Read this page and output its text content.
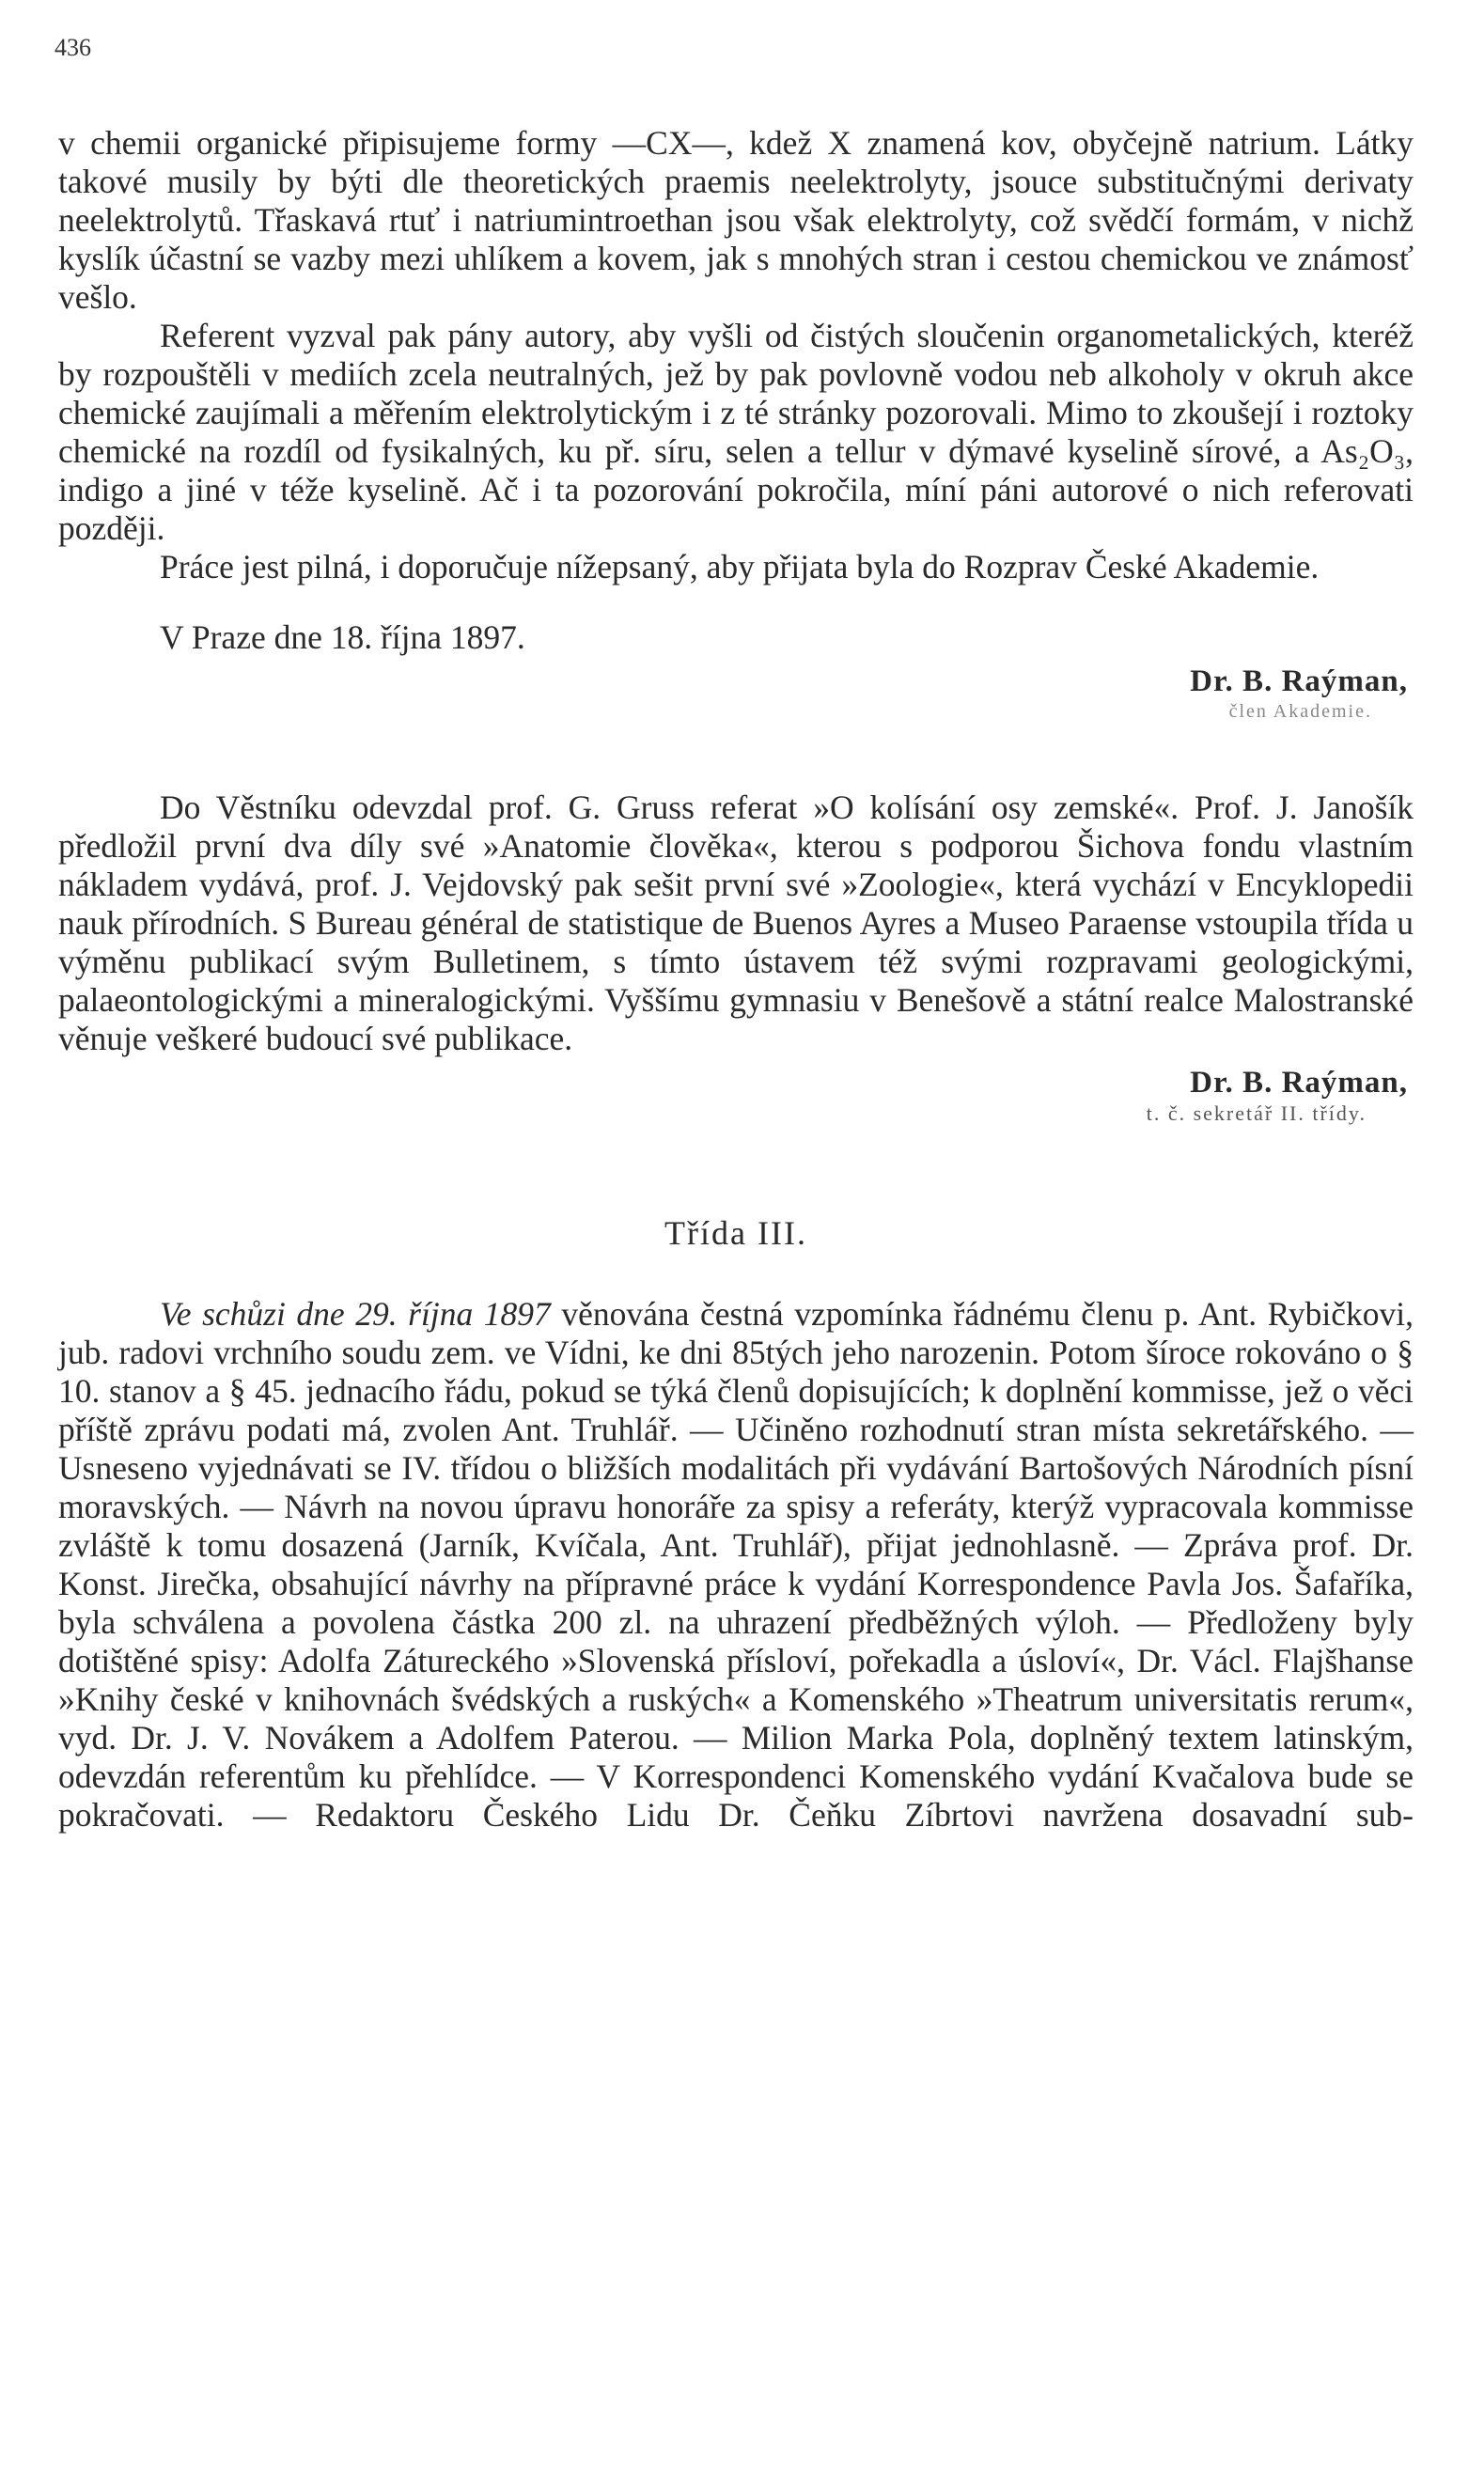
436

v chemii organické připisujeme formy —CX—, kdež X znamená kov, obyčejně natrium. Látky takové musily by býti dle theoretických praemis neelektrolyty, jsouce substitučnými derivaty neelektrolytů. Třaskavá rtuť i natriumintroethan jsou však elektrolyty, což svědčí formám, v nichž kyslík účastní se vazby mezi uhlíkem a kovem, jak s mnohých stran i cestou chemickou ve známosť vešlo.

Referent vyzval pak pány autory, aby vyšli od čistých sloučenin organometalických, kteréž by rozpouštěli v mediích zcela neutralných, jež by pak povlovně vodou neb alkoholy v okruh akce chemické zaujímali a měřením elektrolytickým i z té stránky pozorovali. Mimo to zkoušejí i roztoky chemické na rozdíl od fysikalných, ku př. síru, selen a tellur v dýmavé kyselině sírové, a As₂O₃, indigo a jiné v téže kyselině. Ač i ta pozorování pokročila, míní páni autorové o nich referovati později.

Práce jest pilná, i doporučuje nížepsaný, aby přijata byla do Rozprav České Akademie.

V Praze dne 18. října 1897.
Dr. B. Raýman,
člen Akademie.

Do Věstníku odevzdal prof. G. Gruss referat »O kolísání osy zemské«. Prof. J. Janošík předložil první dva díly své »Anatomie člověka«, kterou s podporou Šichova fondu vlastním nákladem vydává, prof. J. Vejdovský pak sešit první své »Zoologie«, která vychází v Encyklopedii nauk přírodních. S Bureau général de statistique de Buenos Ayres a Museo Paraense vstoupila třída u výměnu publikací svým Bulletinem, s tímto ústavem též svými rozpravami geologickými, palaeontologickými a mineralogickými. Vyššímu gymnasiu v Benešově a státní realce Malostranské věnuje veškeré budoucí své publikace.

Dr. B. Raýman,
t. č. sekretář II. třídy.
Třída III.

Ve schůzi dne 29. října 1897 věnována čestná vzpomínka řádnému členu p. Ant. Rybičkovi, jub. radovi vrchního soudu zem. ve Vídni, ke dni 85tých jeho narozenin. Potom šíroce rokováno o § 10. stanov a § 45. jednacího řádu, pokud se týká členů dopisujících; k doplnění kommisse, jež o věci příště zprávu podati má, zvolen Ant. Truhlář. — Učiněno rozhodnutí stran místa sekretářského. — Usneseno vyjednávati se IV. třídou o bližších modalitách při vydávání Bartošových Národních písní moravských. — Návrh na novou úpravu honoráře za spisy a referáty, kterýž vypracovala kommisse zvláště k tomu dosazená (Jarník, Kvíčala, Ant. Truhlář), přijat jednohlasně. — Zpráva prof. Dr. Konst. Jirečka, obsahující návrhy na přípravné práce k vydání Korrespondence Pavla Jos. Šafaříka, byla schválena a povolena částka 200 zl. na uhrazení předběžných výloh. — Předloženy byly dotištěné spisy: Adolfa Zátureckého »Slovenská přísloví, pořekadla a úsloví«, Dr. Václ. Flajšhanse »Knihy české v knihovnách švédských a ruských« a Komenského »Theatrum universitatis rerum«, vyd. Dr. J. V. Novákem a Adolfem Paterou. — Milion Marka Pola, doplněný textem latinským, odevzdán referentům ku přehlídce. — V Korrespondenci Komenského vydání Kvačalova bude se pokračovati. — Redaktoru Českého Lidu Dr. Čeňku Zíbrtovi navržena dosavadní sub-
